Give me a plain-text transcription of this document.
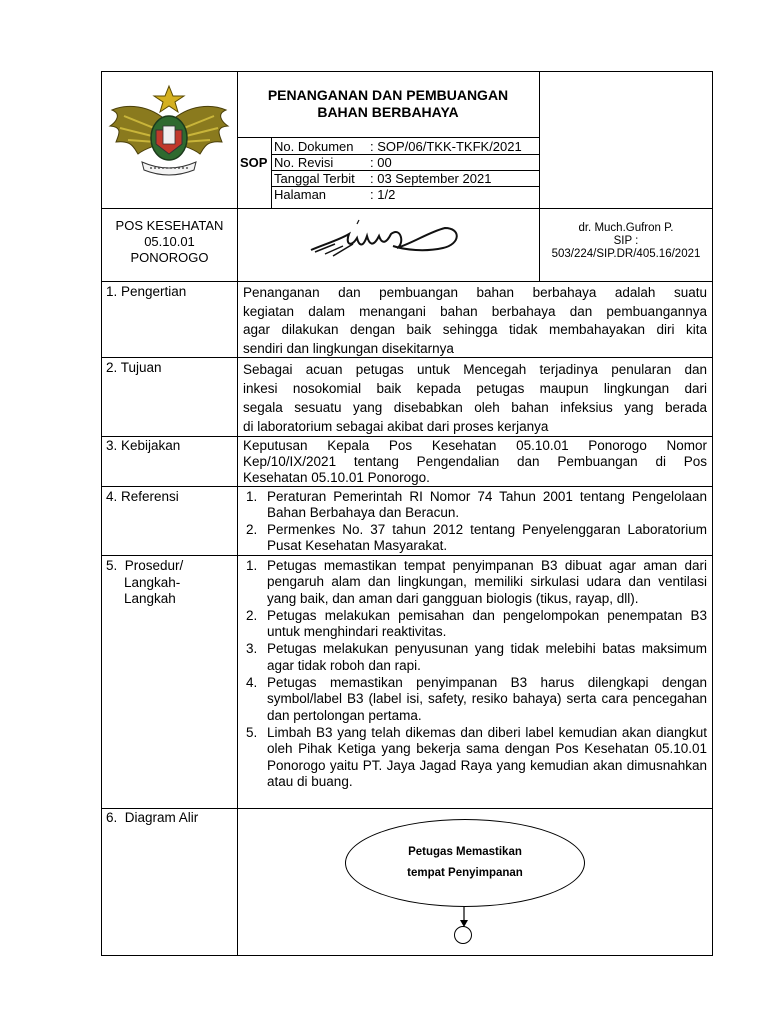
PENANGANAN DAN PEMBUANGAN
BAHAN BERBAHAYA
SOP
No. Dokumen : SOP/06/TKK-TKFK/2021
No. Revisi	: 00
Tanggal Terbit : 03 September 2021
Halaman	: 1/2
POS KESEHATAN
05.10.01
PONOROGO
dr. Much.Gufron P.
SIP :
503/224/SIP.DR/405.16/2021
1. Pengertian	Penanganan dan pembuangan bahan berbahaya adalah suatu
kegiatan dalam menangani bahan berbahaya dan pembuangannya
agar dilakukan dengan baik sehingga tidak membahayakan diri kita
sendiri dan lingkungan disekitarnya
2. Tujuan	Sebagai acuan petugas untuk Mencegah terjadinya penularan dan
inkesi nosokomial baik kepada petugas maupun lingkungan dari
segala sesuatu yang disebabkan oleh bahan infeksius yang berada
di laboratorium sebagai akibat dari proses kerjanya
3. Kebijakan	Keputusan Kepala Pos Kesehatan 05.10.01 Ponorogo Nomor
Kep/10/IX/2021 tentang Pengendalian dan Pembuangan di Pos
Kesehatan 05.10.01 Ponorogo.
4. Referensi	1. Peraturan Pemerintah RI Nomor 74 Tahun 2001 tentang Pengelolaan Bahan Berbahaya dan Beracun.
2. Permenkes No. 37 tahun 2012 tentang Penyelenggaran Laboratorium Pusat Kesehatan Masyarakat.
5.  Prosedur/
Langkah-
Langkah
1. Petugas memastikan tempat penyimpanan B3 dibuat agar aman dari pengaruh alam dan lingkungan, memiliki sirkulasi udara dan ventilasi yang baik, dan aman dari gangguan biologis (tikus, rayap, dll).
2. Petugas melakukan pemisahan dan pengelompokan penempatan B3 untuk menghindari reaktivitas.
3. Petugas melakukan penyusunan yang tidak melebihi batas maksimum agar tidak roboh dan rapi.
4. Petugas memastikan penyimpanan B3 harus dilengkapi dengan symbol/label B3 (label isi, safety, resiko bahaya) serta cara pencegahan dan pertolongan pertama.
5. Limbah B3 yang telah dikemas dan diberi label kemudian akan diangkut oleh Pihak Ketiga yang bekerja sama dengan Pos Kesehatan 05.10.01 Ponorogo yaitu PT. Jaya Jagad Raya yang kemudian akan dimusnahkan atau di buang.
6.  Diagram Alir
Petugas Memastikan
tempat Penyimpanan
